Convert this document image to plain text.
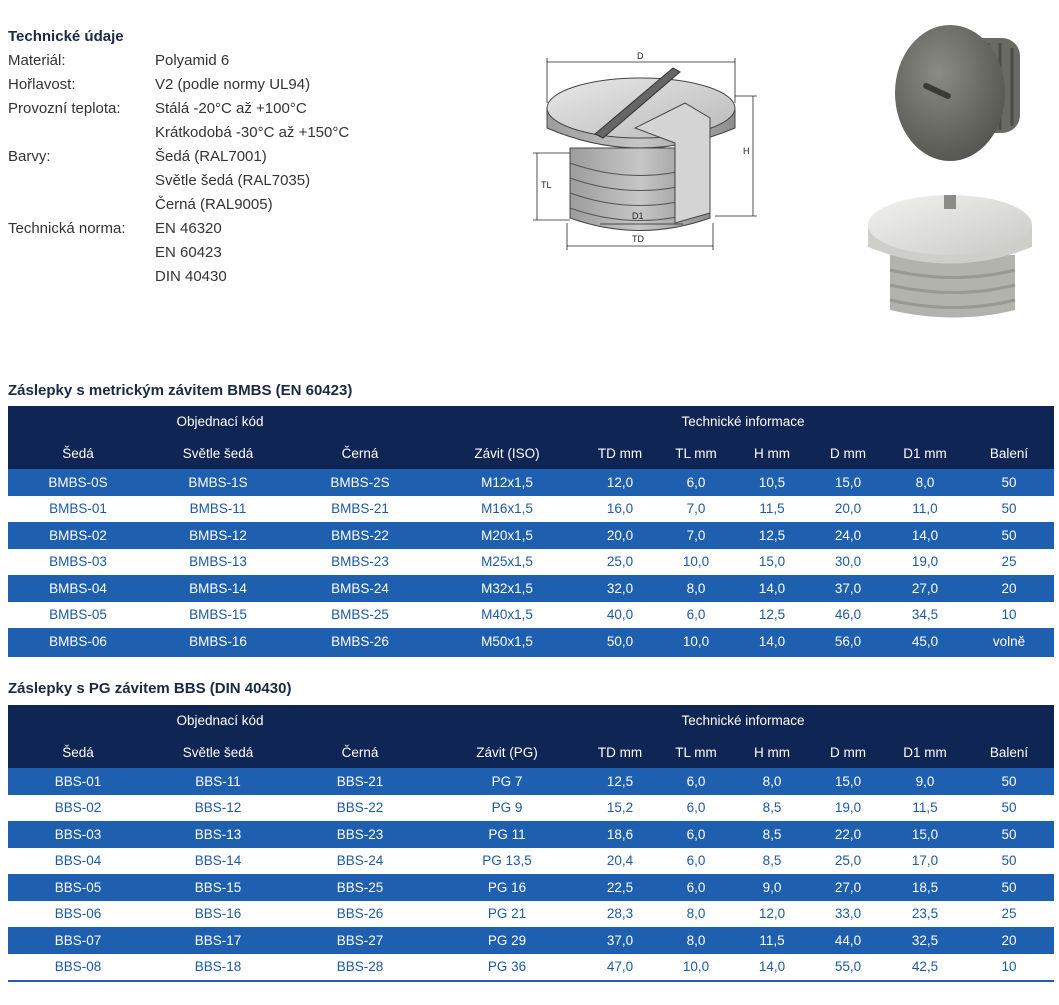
Technické údaje
Materiál:	Polyamid 6
Hořlavost:	V2 (podle normy UL94)
Provozní teplota: Stálá -20°C až +100°C
Krátkodobá -30°C až +150°C
Barvy:	Šedá (RAL7001)
Světle šedá (RAL7035)
Černá (RAL9005)
Technická norma: EN 46320
EN 60423
DIN 40430
D
H
TL
D1
TD
Záslepky s metrickým závitem BMBS (EN 60423)
Objednací kód			Technické informace						
Šedá	Světle šedá	Černá	Závit (ISO)	TD mm	TL mm	H mm	D mm	D1 mm	Balení
BMBS-0S	BMBS-1S	BMBS-2S	M12x1,5	12,0	6,0	10,5	15,0	8,0	50
BMBS-01	BMBS-11	BMBS-21	M16x1,5	16,0	7,0	11,5	20,0	11,0	50
BMBS-02	BMBS-12	BMBS-22	M20x1,5	20,0	7,0	12,5	24,0	14,0	50
BMBS-03	BMBS-13	BMBS-23	M25x1,5	25,0	10,0	15,0	30,0	19,0	25
BMBS-04	BMBS-14	BMBS-24	M32x1,5	32,0	8,0	14,0	37,0	27,0	20
BMBS-05	BMBS-15	BMBS-25	M40x1,5	40,0	6,0	12,5	46,0	34,5	10
BMBS-06	BMBS-16	BMBS-26	M50x1,5	50,0	10,0	14,0	56,0	45,0	volně
Záslepky s PG závitem BBS (DIN 40430)
Objednací kód			Technické informace						
Šedá	Světle šedá	Černá	Závit (PG)	TD mm	TL mm	H mm	D mm	D1 mm	Balení
BBS-01	BBS-11	BBS-21	PG 7	12,5	6,0	8,0	15,0	9,0	50
BBS-02	BBS-12	BBS-22	PG 9	15,2	6,0	8,5	19,0	11,5	50
BBS-03	BBS-13	BBS-23	PG 11	18,6	6,0	8,5	22,0	15,0	50
BBS-04	BBS-14	BBS-24	PG 13,5	20,4	6,0	8,5	25,0	17,0	50
BBS-05	BBS-15	BBS-25	PG 16	22,5	6,0	9,0	27,0	18,5	50
BBS-06	BBS-16	BBS-26	PG 21	28,3	8,0	12,0	33,0	23,5	25
BBS-07	BBS-17	BBS-27	PG 29	37,0	8,0	11,5	44,0	32,5	20
BBS-08	BBS-18	BBS-28	PG 36	47,0	10,0	14,0	55,0	42,5	10
